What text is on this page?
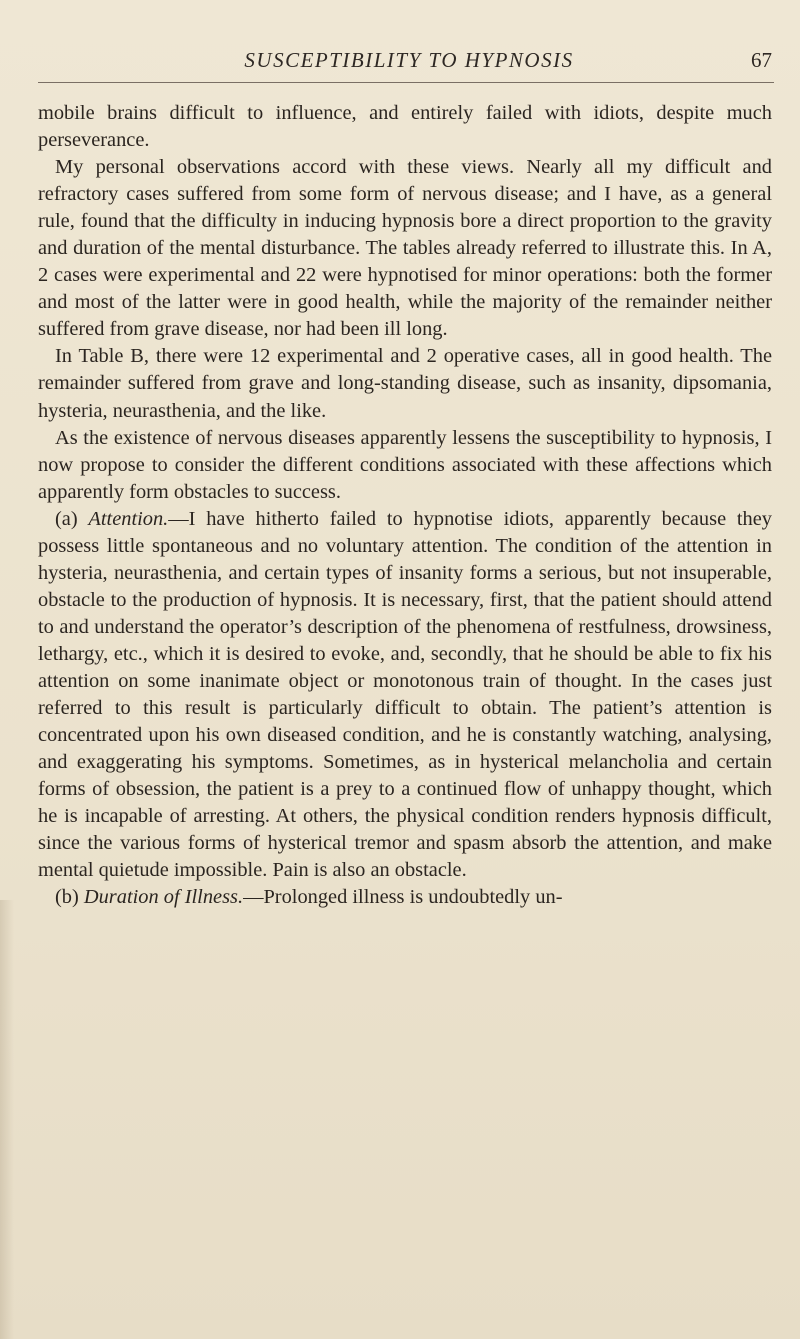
SUSCEPTIBILITY TO HYPNOSIS	67

mobile brains difficult to influence, and entirely failed with idiots, despite much perseverance.

My personal observations accord with these views. Nearly all my difficult and refractory cases suffered from some form of nervous disease; and I have, as a general rule, found that the difficulty in inducing hypnosis bore a direct proportion to the gravity and duration of the mental disturbance. The tables already referred to illustrate this. In A, 2 cases were experimental and 22 were hypnotised for minor operations: both the former and most of the latter were in good health, while the majority of the remainder neither suffered from grave disease, nor had been ill long.

In Table B, there were 12 experimental and 2 operative cases, all in good health. The remainder suffered from grave and long-standing disease, such as insanity, dipsomania, hysteria, neurasthenia, and the like.

As the existence of nervous diseases apparently lessens the susceptibility to hypnosis, I now propose to consider the different conditions associated with these affections which apparently form obstacles to success.

(a) Attention.—I have hitherto failed to hypnotise idiots, apparently because they possess little spontaneous and no voluntary attention. The condition of the attention in hysteria, neurasthenia, and certain types of insanity forms a serious, but not insuperable, obstacle to the production of hypnosis. It is necessary, first, that the patient should attend to and understand the operator’s description of the phenomena of restfulness, drowsiness, lethargy, etc., which it is desired to evoke, and, secondly, that he should be able to fix his attention on some inanimate object or monotonous train of thought. In the cases just referred to this result is particularly difficult to obtain. The patient’s attention is concentrated upon his own diseased condition, and he is constantly watching, analysing, and exaggerating his symptoms. Sometimes, as in hysterical melancholia and certain forms of obsession, the patient is a prey to a continued flow of unhappy thought, which he is incapable of arresting. At others, the physical condition renders hypnosis difficult, since the various forms of hysterical tremor and spasm absorb the attention, and make mental quietude impossible. Pain is also an obstacle.

(b) Duration of Illness.—Prolonged illness is undoubtedly un-
